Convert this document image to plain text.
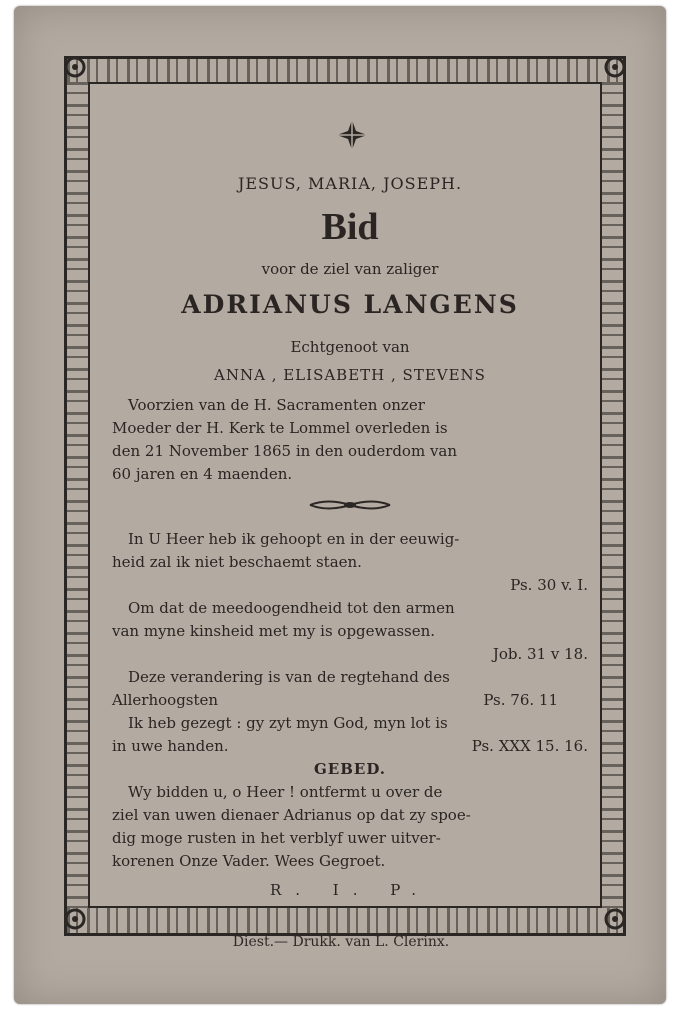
JESUS, MARIA, JOSEPH.
Bid
voor de ziel van zaliger
ADRIANUS LANGENS
Echtgenoot van
ANNA , ELISABETH , STEVENS
Voorzien van de H. Sacramenten onzer
Moeder der H. Kerk te Lommel overleden is
den 21 November 1865 in den ouderdom van
60 jaren en 4 maenden.
In U Heer heb ik gehoopt en in der eeuwig-
heid zal ik niet beschaemt staen.
Ps. 30 v. I.
Om dat de meedoogendheid tot den armen
van myne kinsheid met my is opgewassen.
Job. 31 v 18.
Deze verandering is van de regtehand des
Allerhoogsten	Ps. 76. 11
Ik heb gezegt : gy zyt myn God, myn lot is
in uwe handen.	Ps. XXX 15. 16.
GEBED.
Wy bidden u, o Heer ! ontfermt u over de
ziel van uwen dienaer Adrianus op dat zy spoe-
dig moge rusten in het verblyf uwer uitver-
korenen Onze Vader. Wees Gegroet.
R. I. P.
Diest.— Drukk. van L. Clerinx.
